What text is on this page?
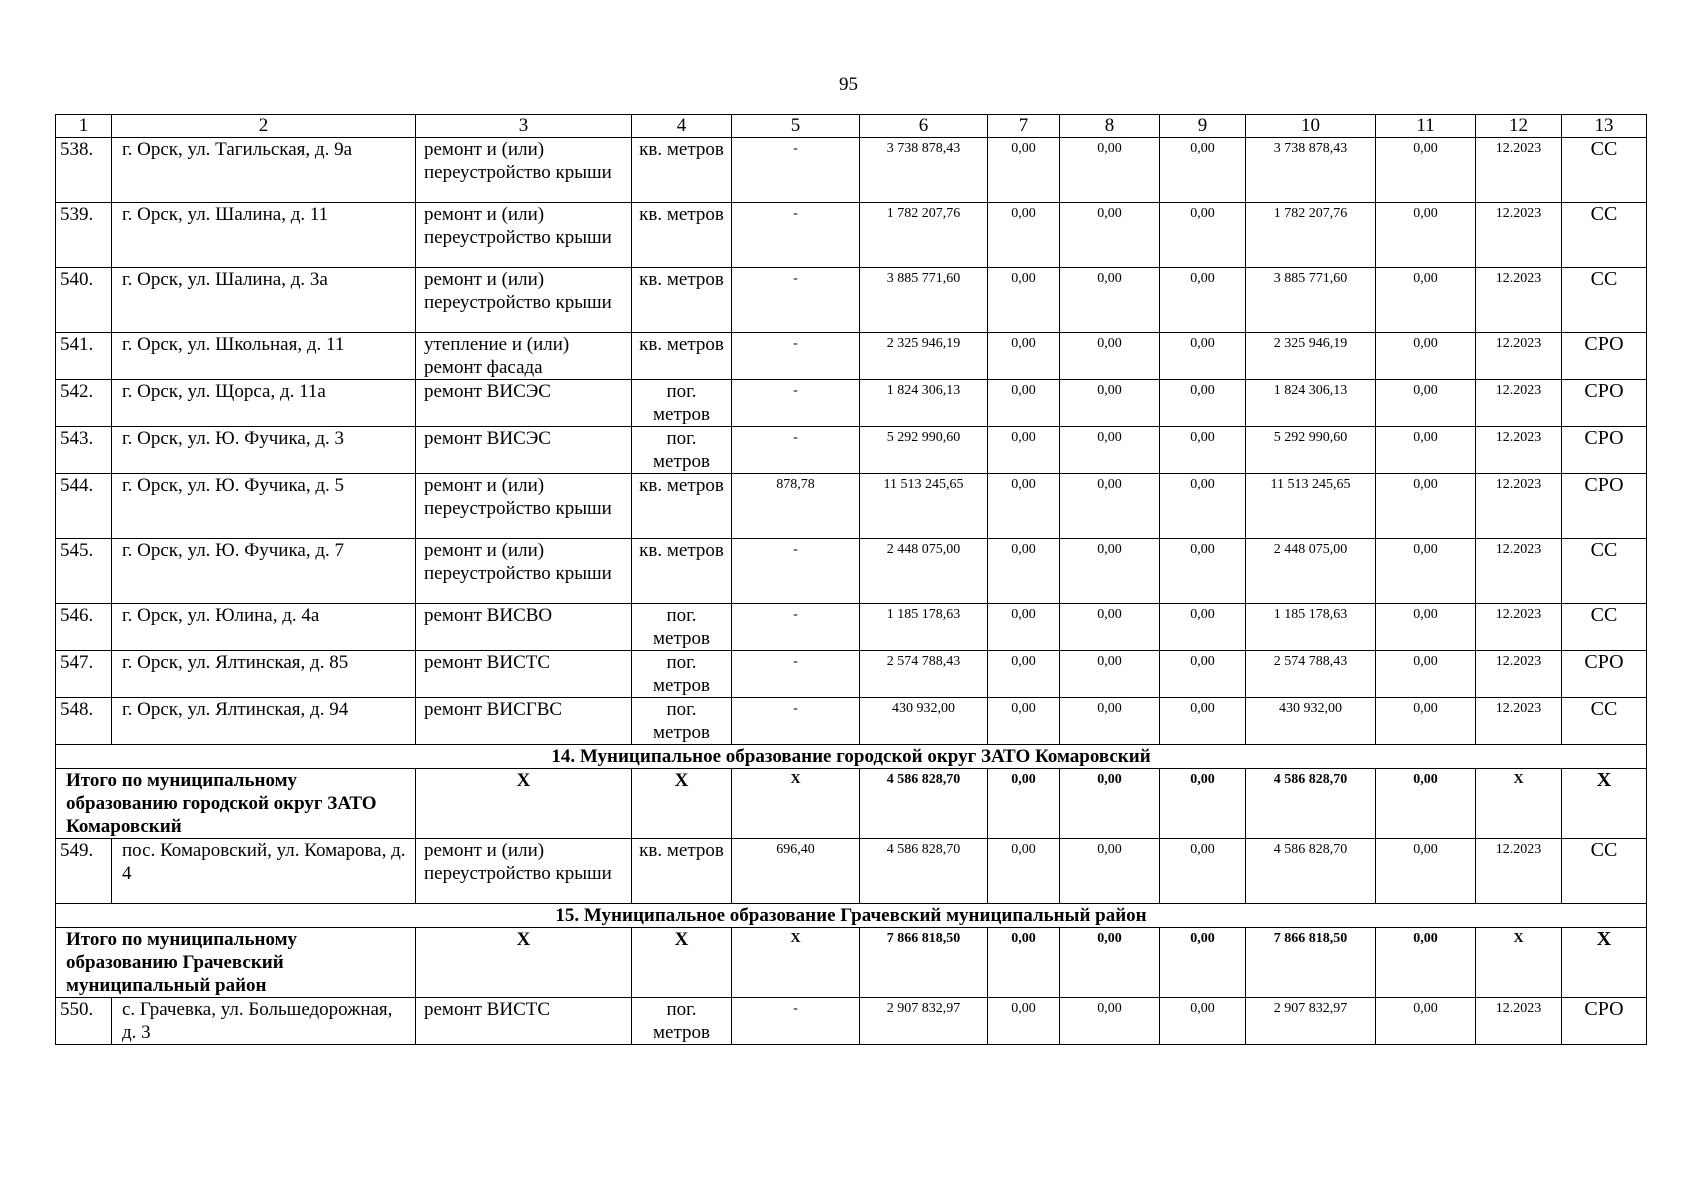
95
1	2	3	4	5	6	7	8	9	10	11	12	13
538.	г. Орск, ул. Тагильская, д. 9а	ремонт и (или) переустройство крыши	кв. метров	-	3 738 878,43	0,00	0,00	0,00	3 738 878,43	0,00	12.2023	СС
539.	г. Орск, ул. Шалина, д. 11	ремонт и (или) переустройство крыши	кв. метров	-	1 782 207,76	0,00	0,00	0,00	1 782 207,76	0,00	12.2023	СС
540.	г. Орск, ул. Шалина, д. 3а	ремонт и (или) переустройство крыши	кв. метров	-	3 885 771,60	0,00	0,00	0,00	3 885 771,60	0,00	12.2023	СС
541.	г. Орск, ул. Школьная, д. 11	утепление и (или) ремонт фасада	кв. метров	-	2 325 946,19	0,00	0,00	0,00	2 325 946,19	0,00	12.2023	СРО
542.	г. Орск, ул. Щорса, д. 11а	ремонт ВИСЭС	пог. метров	-	1 824 306,13	0,00	0,00	0,00	1 824 306,13	0,00	12.2023	СРО
543.	г. Орск, ул. Ю. Фучика, д. 3	ремонт ВИСЭС	пог. метров	-	5 292 990,60	0,00	0,00	0,00	5 292 990,60	0,00	12.2023	СРО
544.	г. Орск, ул. Ю. Фучика, д. 5	ремонт и (или) переустройство крыши	кв. метров	878,78	11 513 245,65	0,00	0,00	0,00	11 513 245,65	0,00	12.2023	СРО
545.	г. Орск, ул. Ю. Фучика, д. 7	ремонт и (или) переустройство крыши	кв. метров	-	2 448 075,00	0,00	0,00	0,00	2 448 075,00	0,00	12.2023	СС
546.	г. Орск, ул. Юлина, д. 4а	ремонт ВИСВО	пог. метров	-	1 185 178,63	0,00	0,00	0,00	1 185 178,63	0,00	12.2023	СС
547.	г. Орск, ул. Ялтинская, д. 85	ремонт ВИСТС	пог. метров	-	2 574 788,43	0,00	0,00	0,00	2 574 788,43	0,00	12.2023	СРО
548.	г. Орск, ул. Ялтинская, д. 94	ремонт ВИСГВС	пог. метров	-	430 932,00	0,00	0,00	0,00	430 932,00	0,00	12.2023	СС
14. Муниципальное образование городской округ ЗАТО Комаровский												
Итого по муниципальному образованию городской округ ЗАТО Комаровский		X	X	X	4 586 828,70	0,00	0,00	0,00	4 586 828,70	0,00	X	X
549.	пос. Комаровский, ул. Комарова, д. 4	ремонт и (или) переустройство крыши	кв. метров	696,40	4 586 828,70	0,00	0,00	0,00	4 586 828,70	0,00	12.2023	СС
15. Муниципальное образование Грачевский муниципальный район												
Итого по муниципальному образованию Грачевский муниципальный район		X	X	X	7 866 818,50	0,00	0,00	0,00	7 866 818,50	0,00	X	X
550.	с. Грачевка, ул. Большедорожная, д. 3	ремонт ВИСТС	пог. метров	-	2 907 832,97	0,00	0,00	0,00	2 907 832,97	0,00	12.2023	СРО
